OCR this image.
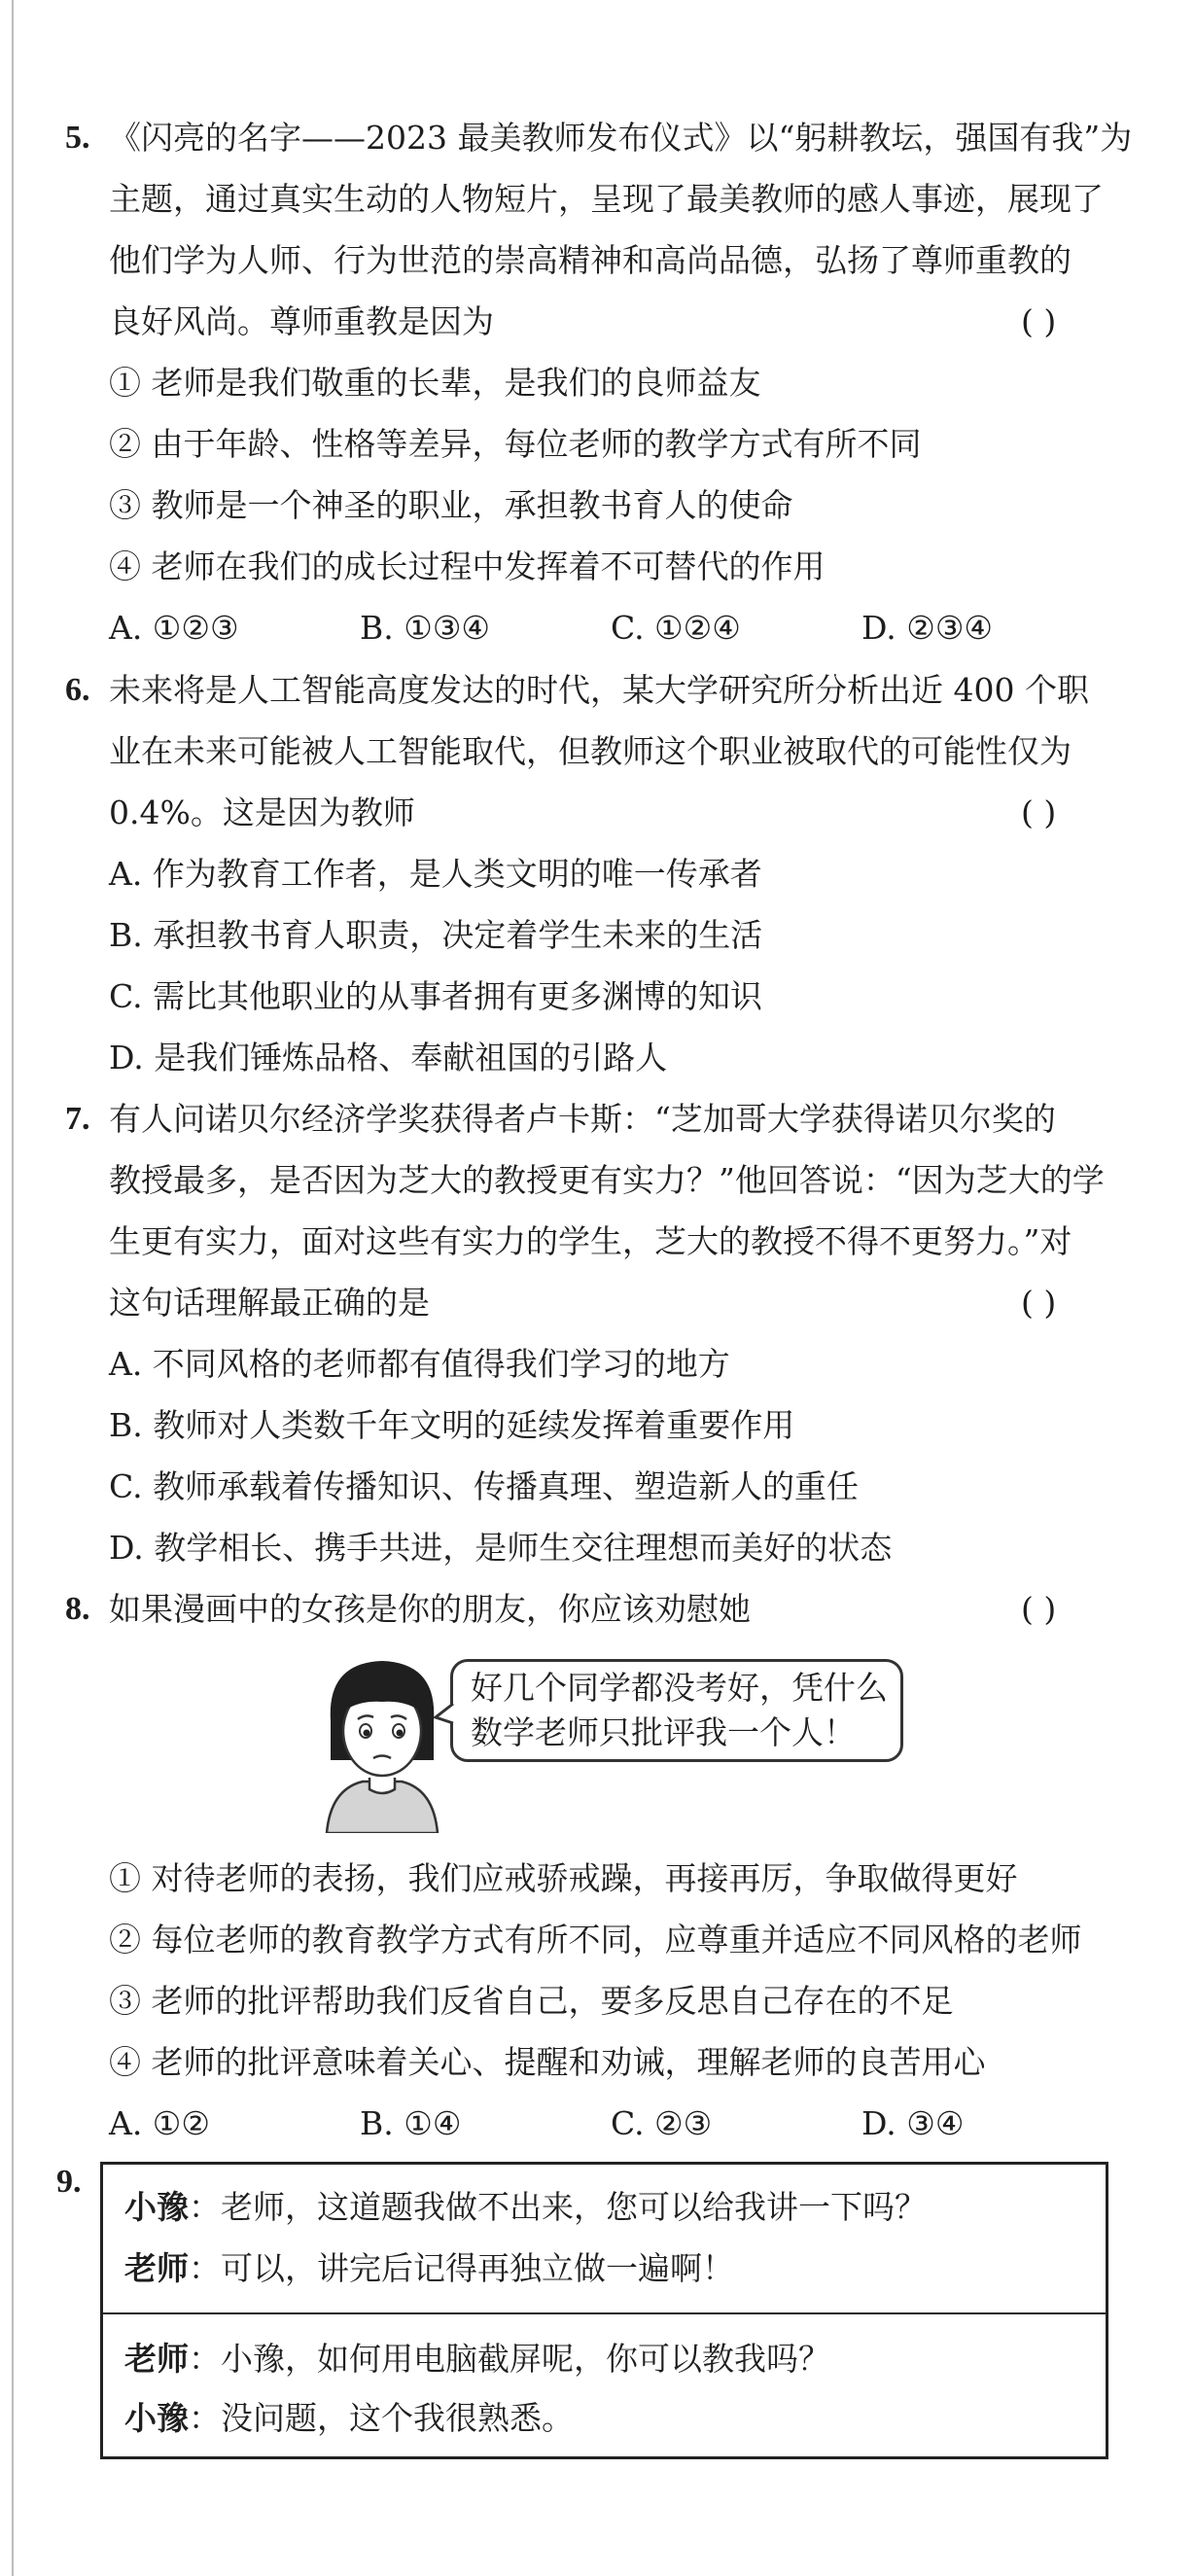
5. 《闪亮的名字——2023 最美教师发布仪式》以“躬耕教坛，强国有我”为
主题，通过真实生动的人物短片，呈现了最美教师的感人事迹，展现了
他们学为人师、行为世范的崇高精神和高尚品德，弘扬了尊师重教的
良好风尚。尊师重教是因为	( )
① 老师是我们敬重的长辈，是我们的良师益友
② 由于年龄、性格等差异，每位老师的教学方式有所不同
③ 教师是一个神圣的职业，承担教书育人的使命
④ 老师在我们的成长过程中发挥着不可替代的作用
A. ①②③	B. ①③④	C. ①②④	D. ②③④
6. 未来将是人工智能高度发达的时代，某大学研究所分析出近 400 个职
业在未来可能被人工智能取代，但教师这个职业被取代的可能性仅为
0.4%。这是因为教师	( )
A. 作为教育工作者，是人类文明的唯一传承者
B. 承担教书育人职责，决定着学生未来的生活
C. 需比其他职业的从事者拥有更多渊博的知识
D. 是我们锤炼品格、奉献祖国的引路人
7. 有人问诺贝尔经济学奖获得者卢卡斯：“芝加哥大学获得诺贝尔奖的
教授最多，是否因为芝大的教授更有实力？”他回答说：“因为芝大的学
生更有实力，面对这些有实力的学生，芝大的教授不得不更努力。”对
这句话理解最正确的是	( )
A. 不同风格的老师都有值得我们学习的地方
B. 教师对人类数千年文明的延续发挥着重要作用
C. 教师承载着传播知识、传播真理、塑造新人的重任
D. 教学相长、携手共进，是师生交往理想而美好的状态
8. 如果漫画中的女孩是你的朋友，你应该劝慰她	( )
好几个同学都没考好，凭什么
数学老师只批评我一个人！
① 对待老师的表扬，我们应戒骄戒躁，再接再厉，争取做得更好
② 每位老师的教育教学方式有所不同，应尊重并适应不同风格的老师
③ 老师的批评帮助我们反省自己，要多反思自己存在的不足
④ 老师的批评意味着关心、提醒和劝诫，理解老师的良苦用心
A. ①②	B. ①④	C. ②③	D. ③④
9.
小豫：老师，这道题我做不出来，您可以给我讲一下吗？
老师：可以，讲完后记得再独立做一遍啊！
老师：小豫，如何用电脑截屏呢，你可以教我吗？
小豫：没问题，这个我很熟悉。
